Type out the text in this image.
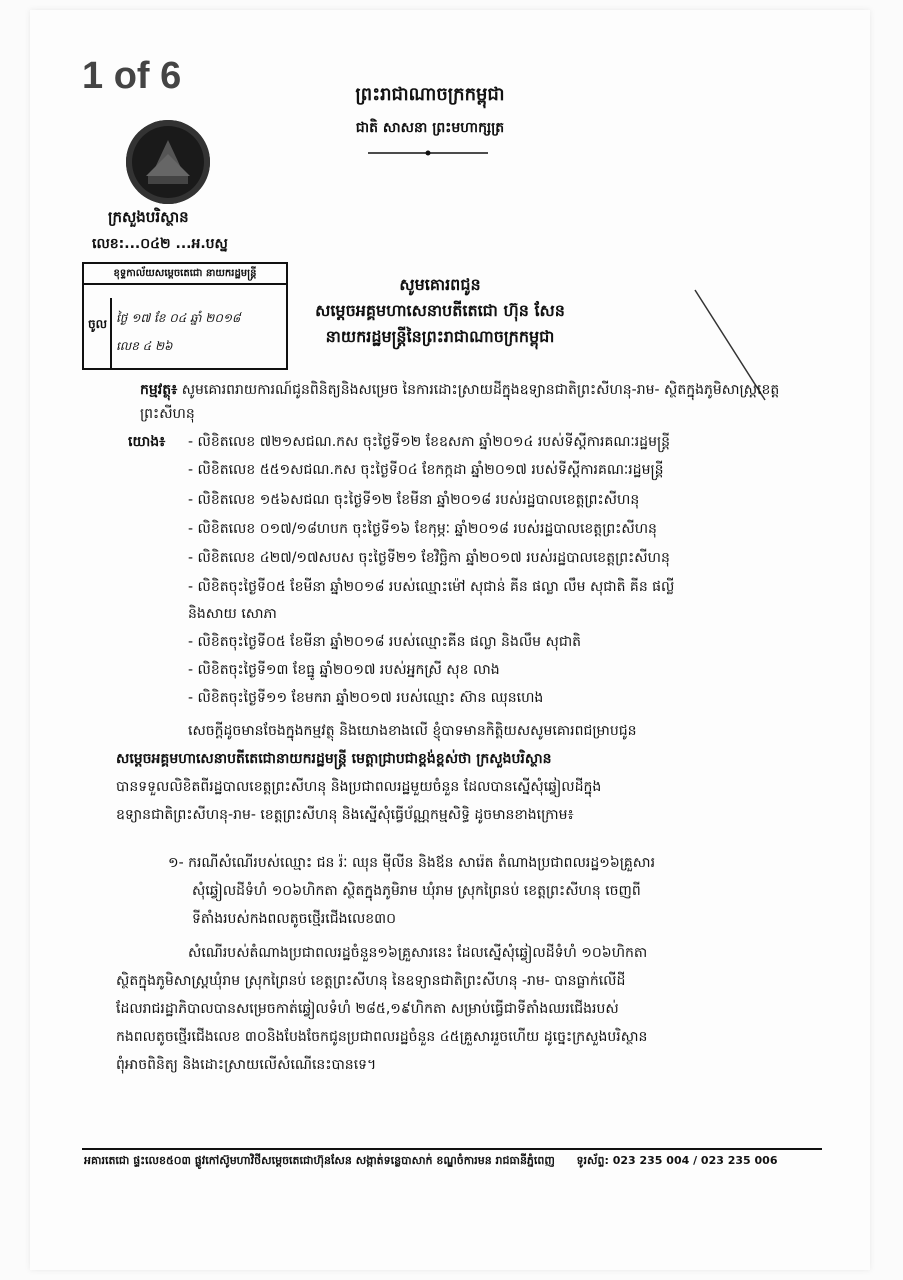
1 of 6	ព្រះរាជាណាចក្រកម្ពុជា
ជាតិ សាសនា ព្រះមហាក្សត្រ
ក្រសួងបរិស្ថាន
លេខ:...០៤២ ...អ.បស្ន
ខុទ្ទកាល័យសម្ដេចតេជោ នាយករដ្ឋមន្ត្រី
ចូល ថ្ងៃ ១៧ ខែ ០៤ ឆ្នាំ ២០១៨
លេខ ៤ ២៦
សូមគោរពជូន
សម្តេចអគ្គមហាសេនាបតីតេជោ ហ៊ុន សែន
នាយករដ្ឋមន្ត្រីនៃព្រះរាជាណាចក្រកម្ពុជា
កម្មវត្ថុ៖ សូមគោរពរាយការណ៍ជូនពិនិត្យនិងសម្រេច នៃការដោះស្រាយដីក្នុងឧទ្យានជាតិព្រះសីហនុ-រាម- ស្ថិតក្នុងភូមិសាស្ត្រខេត្តព្រះសីហនុ
យោង៖ - លិខិតលេខ ៧២១សជណ.កស ចុះថ្ងៃទី១២ ខែឧសភា ឆ្នាំ២០១៤ របស់ទីស្តីការគណៈរដ្ឋមន្ត្រី
- លិខិតលេខ ៥៥១សជណ.កស ចុះថ្ងៃទី០៤ ខែកក្កដា ឆ្នាំ២០១៧ របស់ទីស្តីការគណៈរដ្ឋមន្ត្រី
- លិខិតលេខ ១៥៦សជណ ចុះថ្ងៃទី១២ ខែមីនា ឆ្នាំ២០១៨ របស់រដ្ឋបាលខេត្តព្រះសីហនុ
- លិខិតលេខ ០១៧/១៨ហបក ចុះថ្ងៃទី១៦ ខែកុម្ភៈ ឆ្នាំ២០១៨ របស់រដ្ឋបាលខេត្តព្រះសីហនុ
- លិខិតលេខ ៤២៧/១៧សបស ចុះថ្ងៃទី២១ ខែវិច្ឆិកា ឆ្នាំ២០១៧ របស់រដ្ឋបាលខេត្តព្រះសីហនុ
- លិខិតចុះថ្ងៃទី០៥ ខែមីនា ឆ្នាំ២០១៨ របស់ឈ្មោះម៉ៅ សុជាន់ គីន ផល្លា លឹម សុជាតិ គីន ផល្លី
និងសាយ សោភា
- លិខិតចុះថ្ងៃទី០៥ ខែមីនា ឆ្នាំ២០១៨ របស់ឈ្មោះគីន ផល្លា និងលឹម សុជាតិ
- លិខិតចុះថ្ងៃទី១៣ ខែធ្នូ ឆ្នាំ២០១៧ របស់អ្នកស្រី សុខ លាង
- លិខិតចុះថ្ងៃទី១១ ខែមករា ឆ្នាំ២០១៧ របស់ឈ្មោះ ស៊ាន ឈុនហេង
សេចក្តីដូចមានចែងក្នុងកម្មវត្ថុ និងយោងខាងលើ ខ្ញុំបាទមានកិត្តិយសសូមគោរពជម្រាបជូន
សម្តេចអគ្គមហាសេនាបតីតេជោនាយករដ្ឋមន្ត្រី មេត្តាជ្រាបជាខ្ពង់ខ្ពស់ថា ក្រសួងបរិស្ថាន
បានទទួលលិខិតពីរដ្ឋបាលខេត្តព្រះសីហនុ និងប្រជាពលរដ្ឋមួយចំនួន ដែលបានស្នើសុំឆ្វៀលដីក្នុង
ឧទ្យានជាតិព្រះសីហនុ-រាម- ខេត្តព្រះសីហនុ និងស្នើសុំធ្វើប័ណ្ណកម្មសិទ្ធិ ដូចមានខាងក្រោម៖
១- ករណីសំណើរបស់ឈ្មោះ ជន រ៉ៈ ឈុន ម៉ីលីន និងឪន សារ៉េត តំណាងប្រជាពលរដ្ឋ១៦គ្រួសារ
សុំឆ្វៀលដីទំហំ ១០៦ហិកតា ស្ថិតក្នុងភូមិរាម ឃុំរាម ស្រុកព្រៃនប់ ខេត្តព្រះសីហនុ ចេញពី
ទីតាំងរបស់កងពលតូចថ្មើរជើងលេខ៣០
សំណើរបស់តំណាងប្រជាពលរដ្ឋចំនួន១៦គ្រួសារនេះ ដែលស្នើសុំឆ្វៀលដីទំហំ ១០៦ហិកតា
ស្ថិតក្នុងភូមិសាស្ត្រឃុំរាម ស្រុកព្រៃនប់ ខេត្តព្រះសីហនុ នៃឧទ្យានជាតិព្រះសីហនុ -រាម- បានធ្លាក់លើដី
ដែលរាជរដ្ឋាភិបាលបានសម្រេចកាត់ឆ្វៀលទំហំ ២៨៥,១៩ហិកតា សម្រាប់ធ្វើជាទីតាំងឈរជើងរបស់
កងពលតូចថ្មើរជើងលេខ ៣០និងបែងចែកជូនប្រជាពលរដ្ឋចំនួន ៤៥គ្រួសាររួចហើយ ដូច្នេះក្រសួងបរិស្ថាន
ពុំអាចពិនិត្យ និងដោះស្រាយលើសំណើនេះបានទេ។
អគារតេជោ ផ្ទះលេខ៥០៣ ផ្លូវកៅស៊ូមហាវិថីសម្តេចតេជោហ៊ុនសែន សង្កាត់ទន្លេបាសាក់ ខណ្ឌចំការមន រាជធានីភ្នំពេញ ទូរស័ព្ទ: 023 235 004 / 023 235 006
